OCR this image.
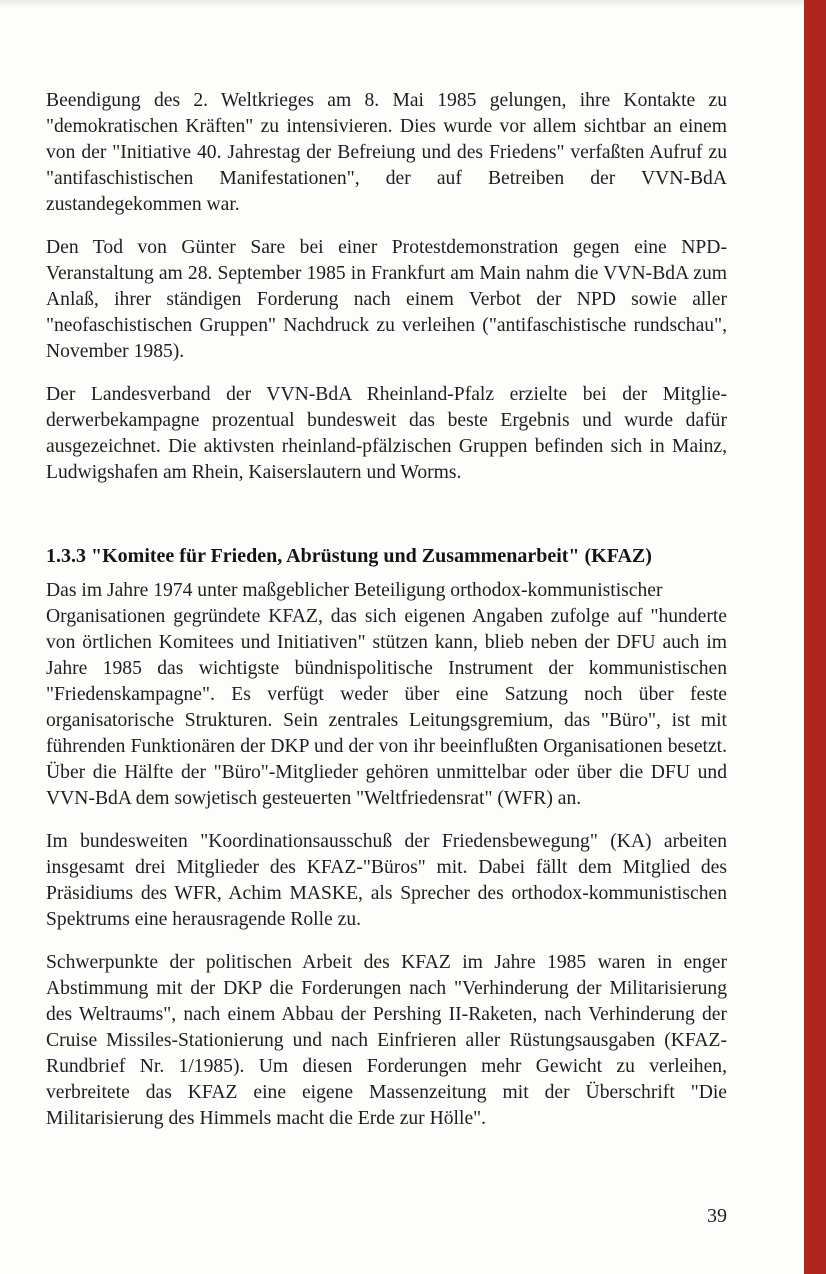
Beendigung des 2. Weltkrieges am 8. Mai 1985 gelungen, ihre Kontakte zu "demokratischen Kräften" zu intensivieren. Dies wurde vor allem sichtbar an einem von der "Initiative 40. Jahrestag der Befreiung und des Friedens" verfaßten Aufruf zu "antifaschistischen Manifestationen", der auf Betreiben der VVN-BdA zustandegekommen war.

Den Tod von Günter Sare bei einer Protestdemonstration gegen eine NPD-Veranstaltung am 28. September 1985 in Frankfurt am Main nahm die VVN-BdA zum Anlaß, ihrer ständigen Forderung nach einem Verbot der NPD sowie aller "neofaschistischen Gruppen" Nachdruck zu verleihen ("antifaschistische rundschau", November 1985).

Der Landesverband der VVN-BdA Rheinland-Pfalz erzielte bei der Mitgliederwerbekampagne prozentual bundesweit das beste Ergebnis und wurde dafür ausgezeichnet. Die aktivsten rheinland-pfälzischen Gruppen befinden sich in Mainz, Ludwigshafen am Rhein, Kaiserslautern und Worms.

1.3.3 "Komitee für Frieden, Abrüstung und Zusammenarbeit" (KFAZ)

Das im Jahre 1974 unter maßgeblicher Beteiligung orthodox-kommunistischer

Organisationen gegründete KFAZ, das sich eigenen Angaben zufolge auf "hunderte von örtlichen Komitees und Initiativen" stützen kann, blieb neben der DFU auch im Jahre 1985 das wichtigste bündnispolitische Instrument der kommunistischen "Friedenskampagne". Es verfügt weder über eine Satzung noch über feste organisatorische Strukturen. Sein zentrales Leitungsgremium, das "Büro", ist mit führenden Funktionären der DKP und der von ihr beeinflußten Organisationen besetzt. Über die Hälfte der "Büro"-Mitglieder gehören unmittelbar oder über die DFU und VVN-BdA dem sowjetisch gesteuerten "Weltfriedensrat" (WFR) an.

Im bundesweiten "Koordinationsausschuß der Friedensbewegung" (KA) arbeiten insgesamt drei Mitglieder des KFAZ-"Büros" mit. Dabei fällt dem Mitglied des Präsidiums des WFR, Achim MASKE, als Sprecher des orthodox-kommunistischen Spektrums eine herausragende Rolle zu.

Schwerpunkte der politischen Arbeit des KFAZ im Jahre 1985 waren in enger Abstimmung mit der DKP die Forderungen nach "Verhinderung der Militarisierung des Weltraums", nach einem Abbau der Pershing II-Raketen, nach Verhinderung der Cruise Missiles-Stationierung und nach Einfrieren aller Rüstungsausgaben (KFAZ-Rundbrief Nr. 1/1985). Um diesen Forderungen mehr Gewicht zu verleihen, verbreitete das KFAZ eine eigene Massenzeitung mit der Überschrift "Die Militarisierung des Himmels macht die Erde zur Hölle".

39
